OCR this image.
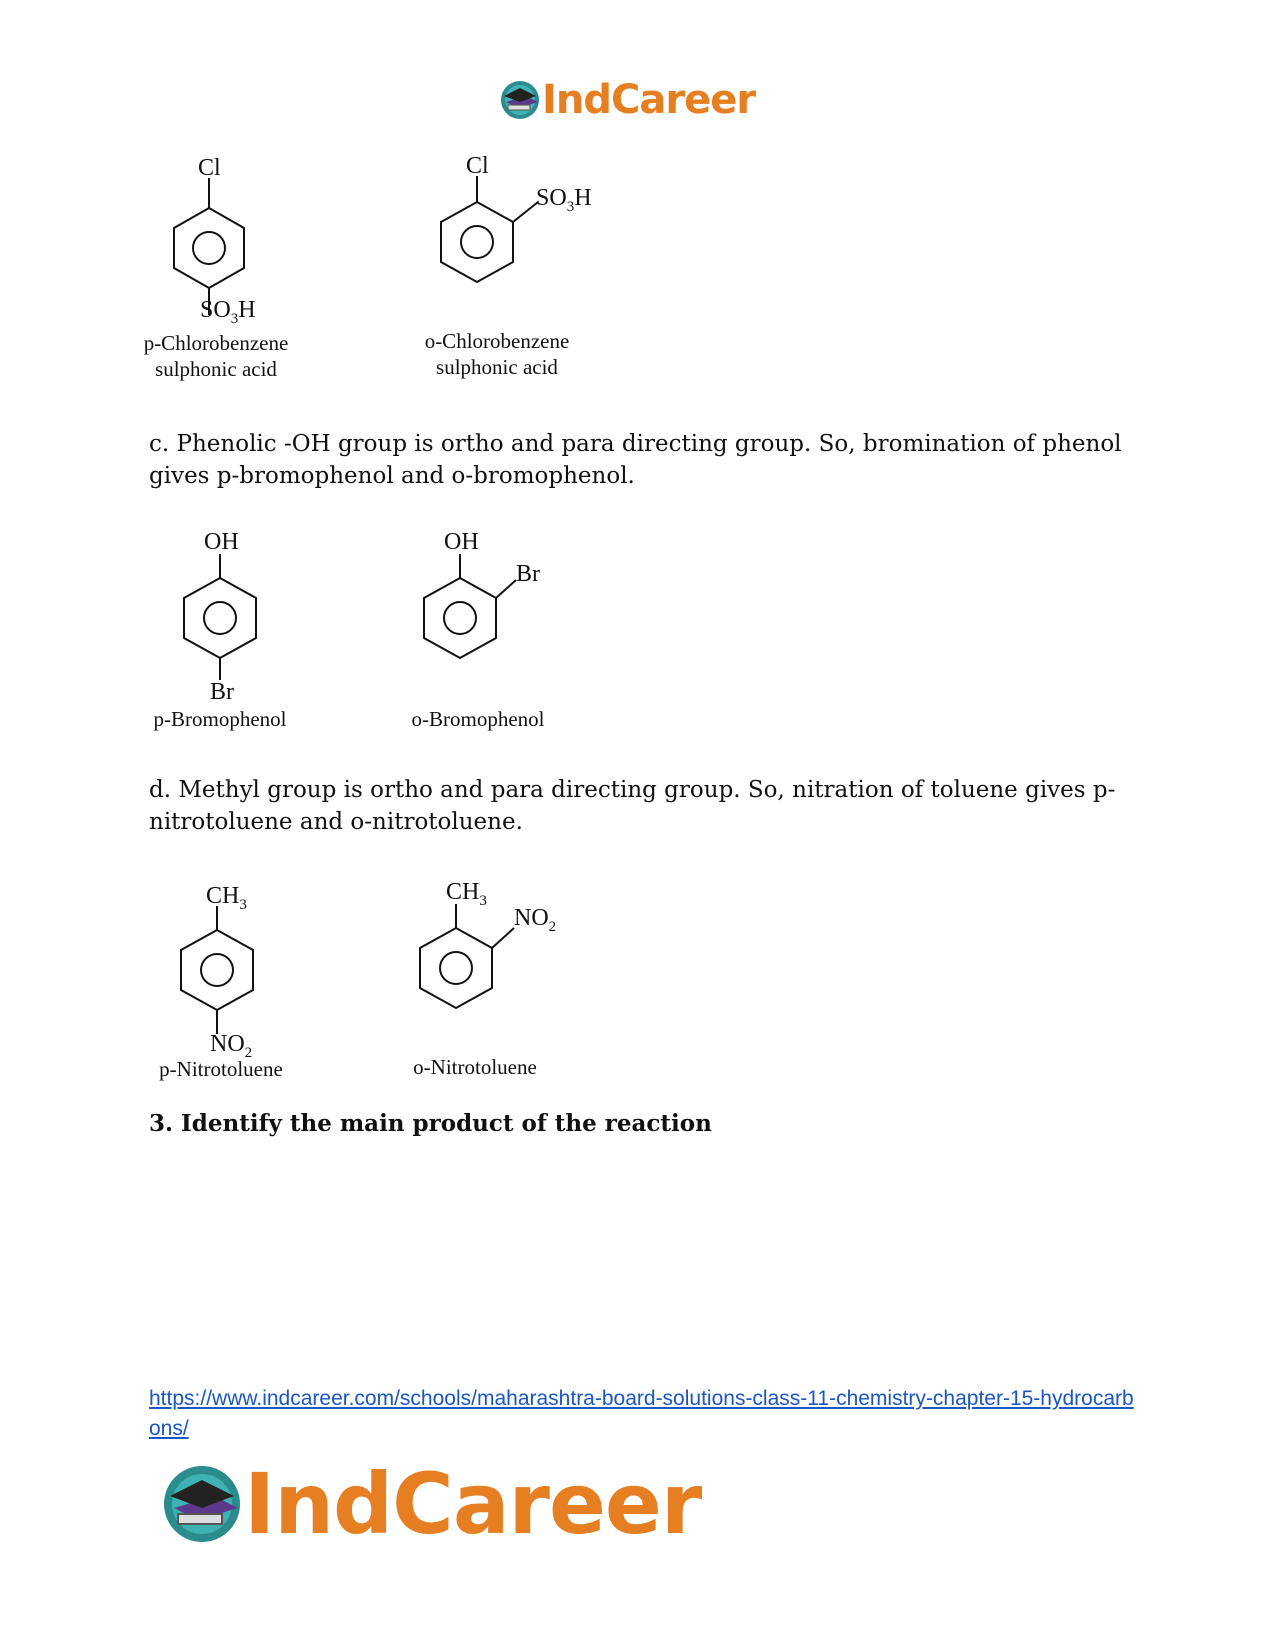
IndCareer
Cl
$SO_3H$
p-Chlorobenzene
sulphonic acid
Cl
$SO_3H$
o-Chlorobenzene
sulphonic acid
c. Phenolic -OH group is ortho and para directing group. So, bromination of phenol gives p-bromophenol and o-bromophenol.
OH
Br
p-Bromophenol
OH
Br
o-Bromophenol
d. Methyl group is ortho and para directing group. So, nitration of toluene gives p-nitrotoluene and o-nitrotoluene.
$CH_3$
$NO_2$
p-Nitrotoluene
$CH_3$
$NO_2$
o-Nitrotoluene
3. Identify the main product of the reaction
https://www.indcareer.com/schools/maharashtra-board-solutions-class-11-chemistry-chapter-15-hydrocarbons/
IndCareer
